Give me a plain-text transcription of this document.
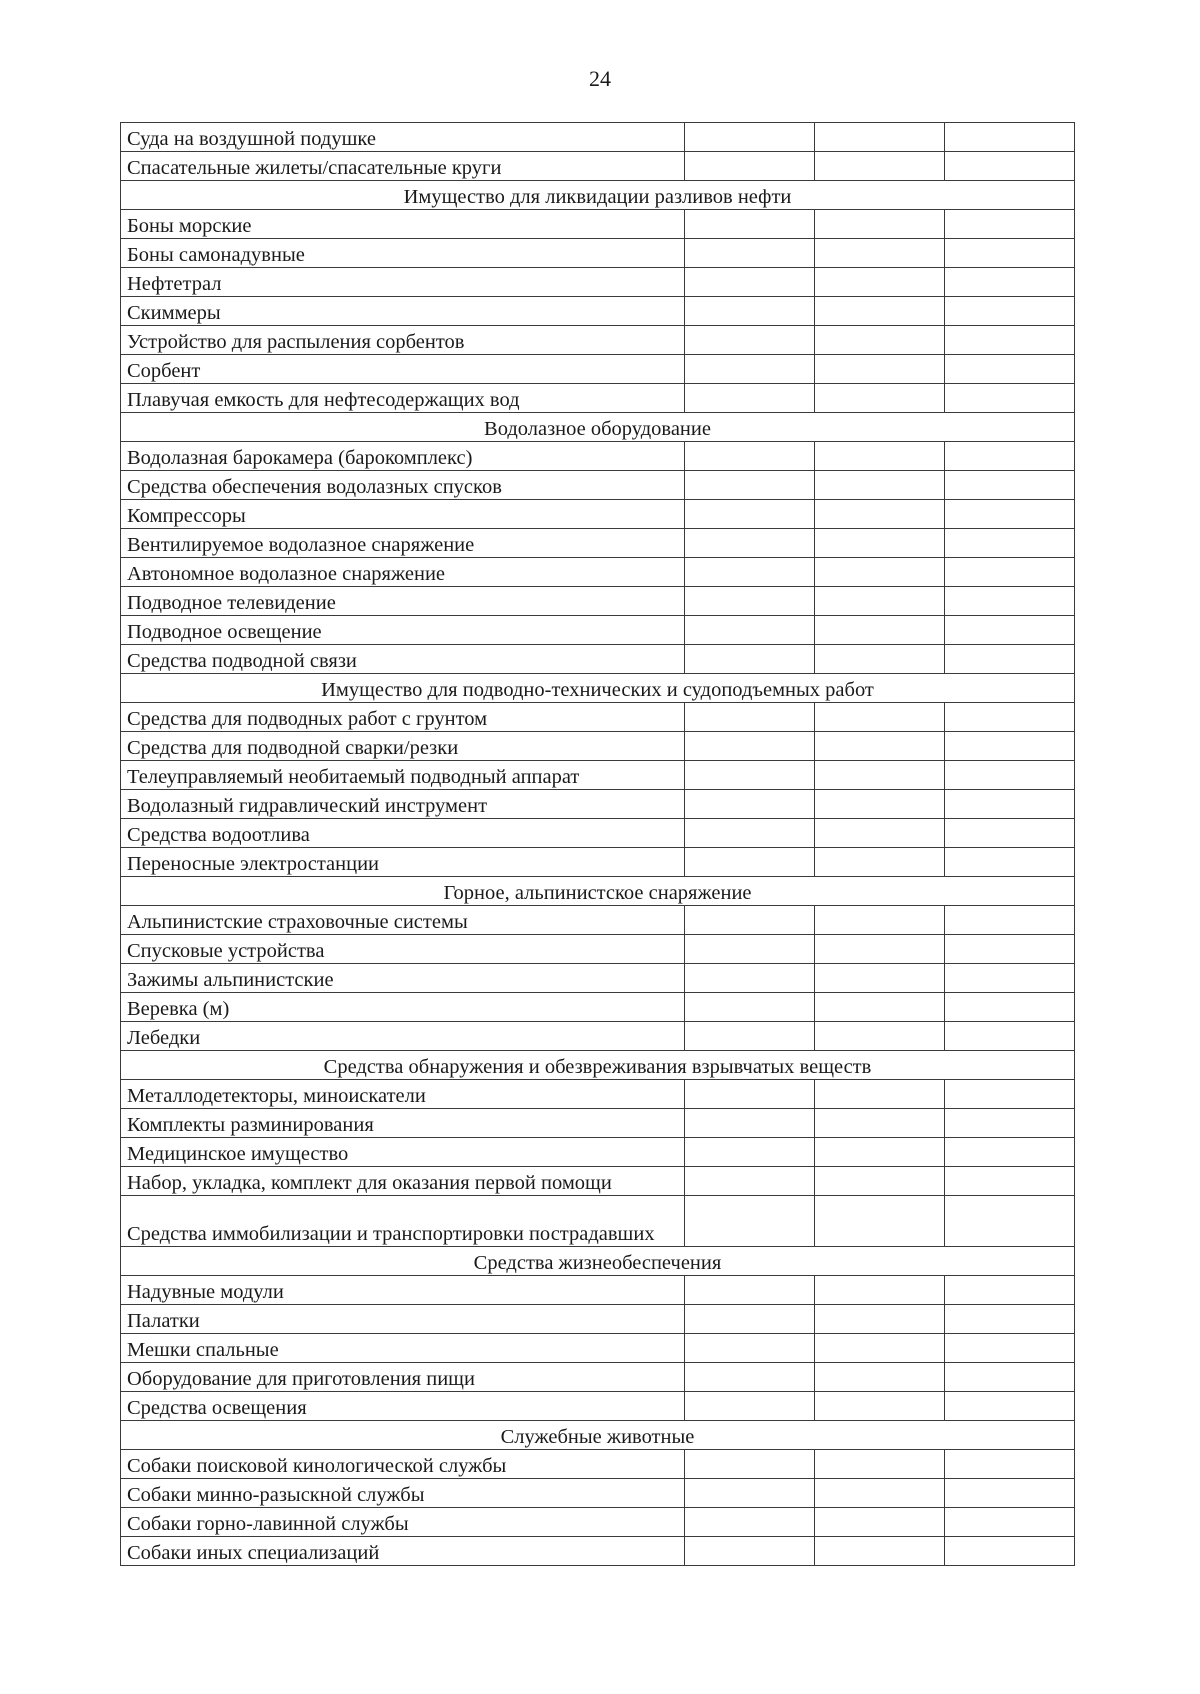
24
Суда на воздушной подушке			
Спасательные жилеты/спасательные круги			
Имущество для ликвидации разливов нефти			
Боны морские			
Боны самонадувные			
Нефтетрал			
Скиммеры			
Устройство для распыления сорбентов			
Сорбент			
Плавучая емкость для нефтесодержащих вод			
Водолазное оборудование			
Водолазная барокамера (барокомплекс)			
Средства обеспечения водолазных спусков			
Компрессоры			
Вентилируемое водолазное снаряжение			
Автономное водолазное снаряжение			
Подводное телевидение			
Подводное освещение			
Средства подводной связи			
Имущество для подводно-технических и судоподъемных работ			
Средства для подводных работ с грунтом			
Средства для подводной сварки/резки			
Телеуправляемый необитаемый подводный аппарат			
Водолазный гидравлический инструмент			
Средства водоотлива			
Переносные электростанции			
Горное, альпинистское снаряжение			
Альпинистские страховочные системы			
Спусковые устройства			
Зажимы альпинистские			
Веревка (м)			
Лебедки			
Средства обнаружения и обезвреживания взрывчатых веществ			
Металлодетекторы, миноискатели			
Комплекты разминирования			
Медицинское имущество			
Набор, укладка, комплект для оказания первой помощи			
Средства иммобилизации и транспортировки пострадавших			
Средства жизнеобеспечения			
Надувные модули			
Палатки			
Мешки спальные			
Оборудование для приготовления пищи			
Средства освещения			
Служебные животные			
Собаки поисковой кинологической службы			
Собаки минно-разыскной службы			
Собаки горно-лавинной службы			
Собаки иных специализаций			
